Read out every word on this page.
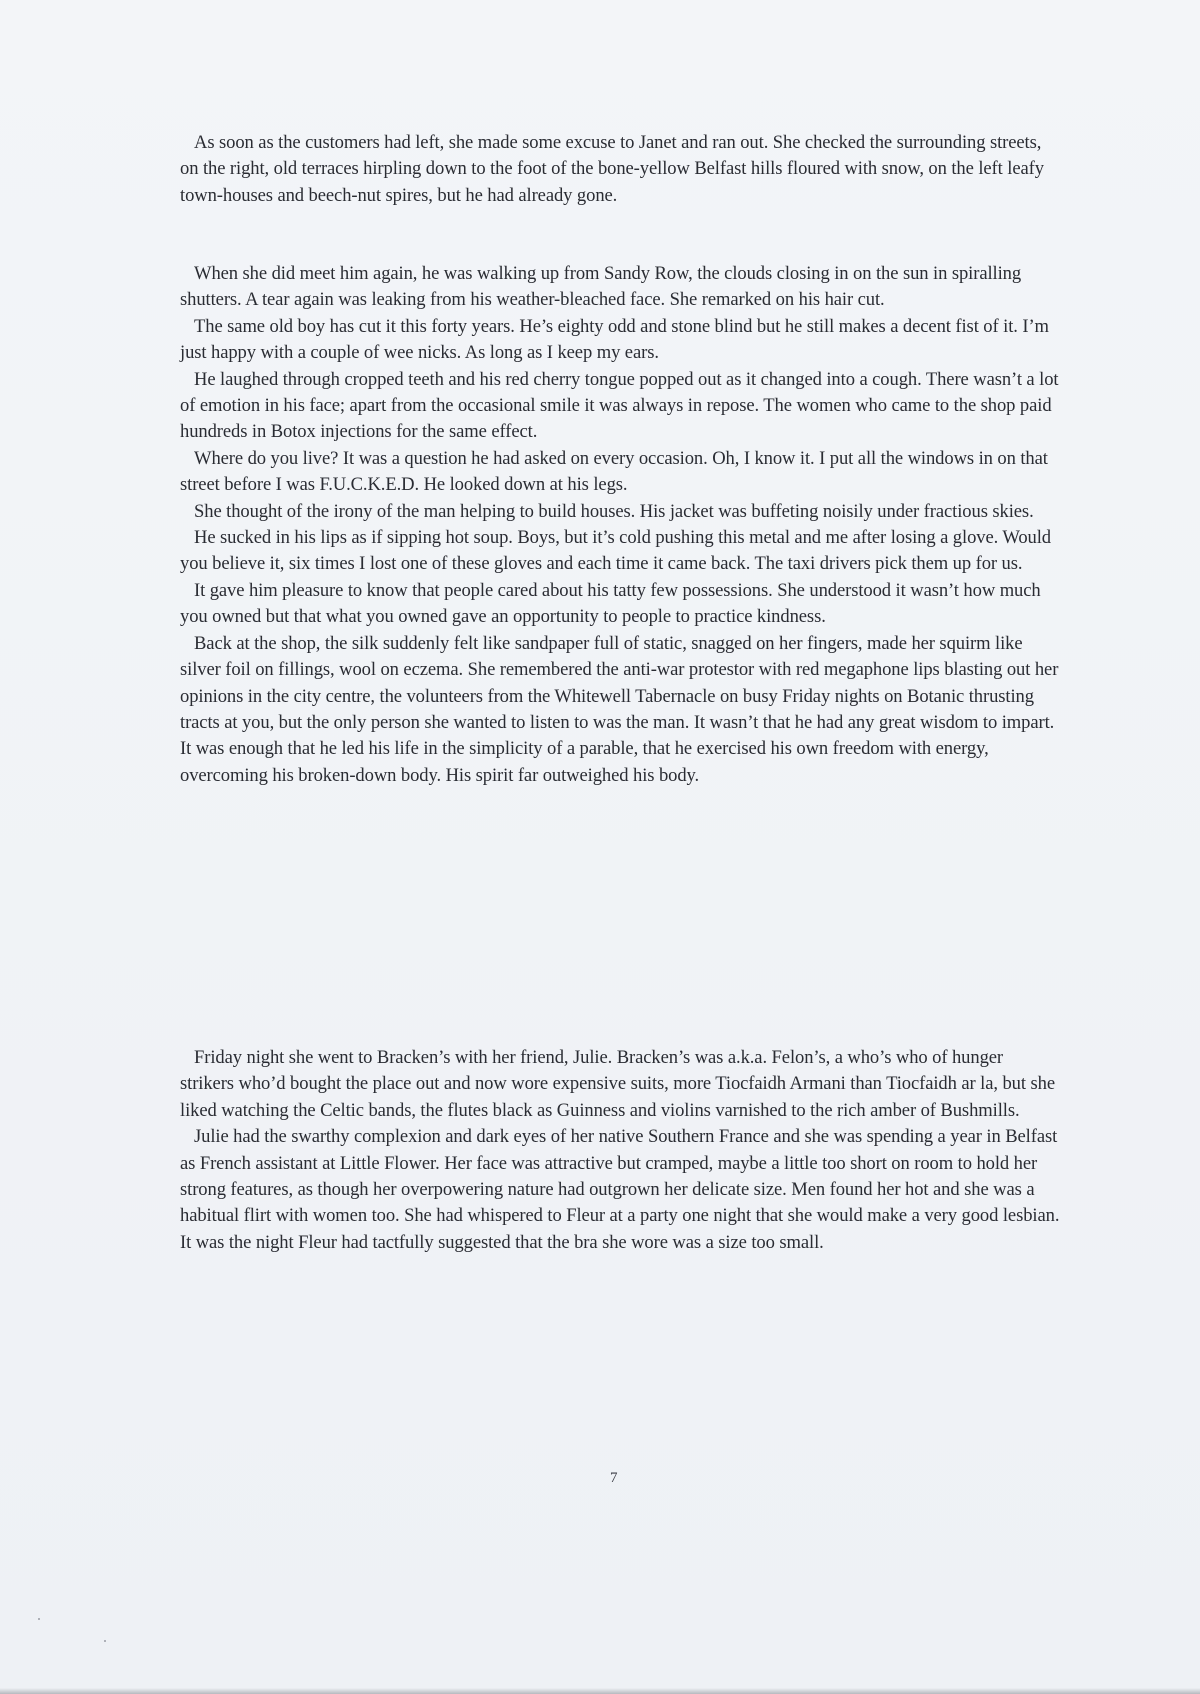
As soon as the customers had left, she made some excuse to Janet and ran out. She checked the surrounding streets, on the right, old terraces hirpling down to the foot of the bone-yellow Belfast hills floured with snow, on the left leafy town-houses and beech-nut spires, but he had already gone.

When she did meet him again, he was walking up from Sandy Row, the clouds closing in on the sun in spiralling shutters. A tear again was leaking from his weather-bleached face. She remarked on his hair cut.

The same old boy has cut it this forty years. He’s eighty odd and stone blind but he still makes a decent fist of it. I’m just happy with a couple of wee nicks. As long as I keep my ears.

He laughed through cropped teeth and his red cherry tongue popped out as it changed into a cough. There wasn’t a lot of emotion in his face; apart from the occasional smile it was always in repose. The women who came to the shop paid hundreds in Botox injections for the same effect.

Where do you live? It was a question he had asked on every occasion. Oh, I know it. I put all the windows in on that street before I was F.U.C.K.E.D. He looked down at his legs.

She thought of the irony of the man helping to build houses. His jacket was buffeting noisily under fractious skies.

He sucked in his lips as if sipping hot soup. Boys, but it’s cold pushing this metal and me after losing a glove. Would you believe it, six times I lost one of these gloves and each time it came back. The taxi drivers pick them up for us.

It gave him pleasure to know that people cared about his tatty few possessions. She understood it wasn’t how much you owned but that what you owned gave an opportunity to people to practice kindness.

Back at the shop, the silk suddenly felt like sandpaper full of static, snagged on her fingers, made her squirm like silver foil on fillings, wool on eczema. She remembered the anti-war protestor with red megaphone lips blasting out her opinions in the city centre, the volunteers from the Whitewell Tabernacle on busy Friday nights on Botanic thrusting tracts at you, but the only person she wanted to listen to was the man. It wasn’t that he had any great wisdom to impart. It was enough that he led his life in the simplicity of a parable, that he exercised his own freedom with energy, overcoming his broken-down body. His spirit far outweighed his body.

Friday night she went to Bracken’s with her friend, Julie. Bracken’s was a.k.a. Felon’s, a who’s who of hunger strikers who’d bought the place out and now wore expensive suits, more Tiocfaidh Armani than Tiocfaidh ar la, but she liked watching the Celtic bands, the flutes black as Guinness and violins varnished to the rich amber of Bushmills.

Julie had the swarthy complexion and dark eyes of her native Southern France and she was spending a year in Belfast as French assistant at Little Flower. Her face was attractive but cramped, maybe a little too short on room to hold her strong features, as though her overpowering nature had outgrown her delicate size. Men found her hot and she was a habitual flirt with women too. She had whispered to Fleur at a party one night that she would make a very good lesbian. It was the night Fleur had tactfully suggested that the bra she wore was a size too small.

7
